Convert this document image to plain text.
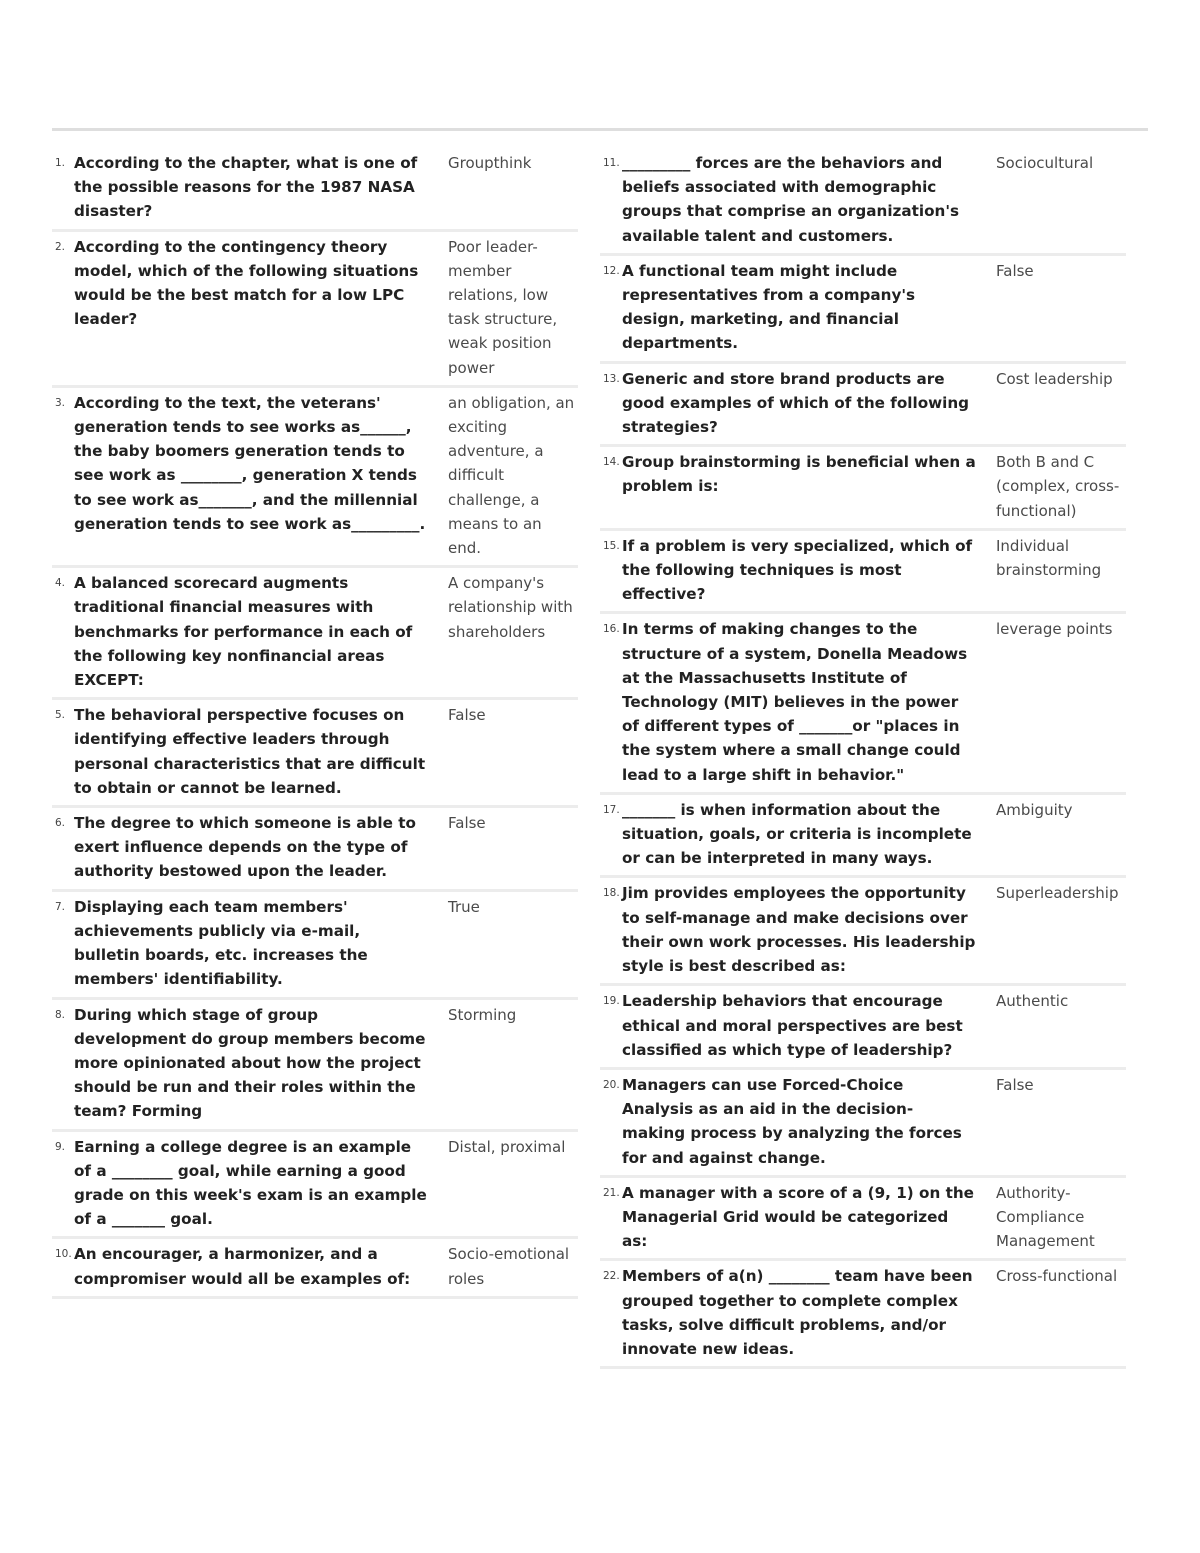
1. According to the chapter, what is one of the possible reasons for the 1987 NASA disaster?
Groupthink
2. According to the contingency theory model, which of the following situations would be the best match for a low LPC leader?
Poor leader-member relations, low task structure, weak position power
3. According to the text, the veterans' generation tends to see works as______, the baby boomers generation tends to see work as ________, generation X tends to see work as_______, and the millennial generation tends to see work as_________.
an obligation, an exciting adventure, a difficult challenge, a means to an end.
4. A balanced scorecard augments traditional financial measures with benchmarks for performance in each of the following key nonfinancial areas EXCEPT:
A company's relationship with shareholders
5. The behavioral perspective focuses on identifying effective leaders through personal characteristics that are difficult to obtain or cannot be learned.
False
6. The degree to which someone is able to exert influence depends on the type of authority bestowed upon the leader.
False
7. Displaying each team members' achievements publicly via e-mail, bulletin boards, etc. increases the members' identifiability.
True
8. During which stage of group development do group members become more opinionated about how the project should be run and their roles within the team? Forming
Storming
9. Earning a college degree is an example of a ________ goal, while earning a good grade on this week's exam is an example of a _______ goal.
Distal, proximal
10. An encourager, a harmonizer, and a compromiser would all be examples of:
Socio-emotional roles
11. _________ forces are the behaviors and beliefs associated with demographic groups that comprise an organization's available talent and customers.
Sociocultural
12. A functional team might include representatives from a company's design, marketing, and financial departments.
False
13. Generic and store brand products are good examples of which of the following strategies?
Cost leadership
14. Group brainstorming is beneficial when a problem is:
Both B and C (complex, cross-functional)
15. If a problem is very specialized, which of the following techniques is most effective?
Individual brainstorming
16. In terms of making changes to the structure of a system, Donella Meadows at the Massachusetts Institute of Technology (MIT) believes in the power of different types of _______or "places in the system where a small change could lead to a large shift in behavior."
leverage points
17. _______ is when information about the situation, goals, or criteria is incomplete or can be interpreted in many ways.
Ambiguity
18. Jim provides employees the opportunity to self-manage and make decisions over their own work processes. His leadership style is best described as:
Superleadership
19. Leadership behaviors that encourage ethical and moral perspectives are best classified as which type of leadership?
Authentic
20. Managers can use Forced-Choice Analysis as an aid in the decision-making process by analyzing the forces for and against change.
False
21. A manager with a score of a (9, 1) on the Managerial Grid would be categorized as:
Authority-Compliance Management
22. Members of a(n) ________ team have been grouped together to complete complex tasks, solve difficult problems, and/or innovate new ideas.
Cross-functional
